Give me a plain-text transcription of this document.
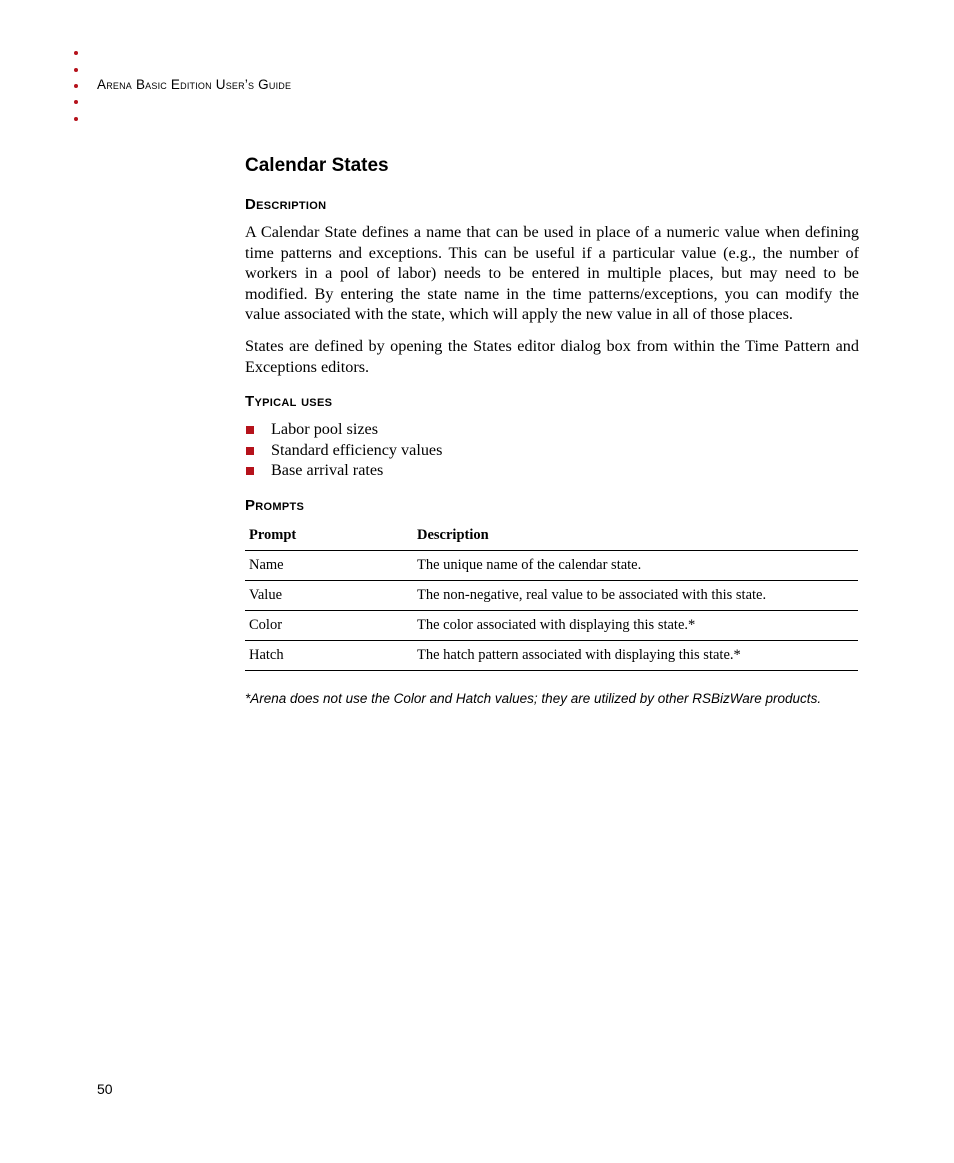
Arena Basic Edition User’s Guide
Calendar States
Description

A Calendar State defines a name that can be used in place of a numeric value when defining time patterns and exceptions. This can be useful if a particular value (e.g., the number of workers in a pool of labor) needs to be entered in multiple places, but may need to be modified. By entering the state name in the time patterns/exceptions, you can modify the value associated with the state, which will apply the new value in all of those places.

States are defined by opening the States editor dialog box from within the Time Pattern and Exceptions editors.

Typical uses
Labor pool sizes
Standard efficiency values
Base arrival rates
Prompts
Prompt	Description
Name	The unique name of the calendar state.
Value	The non-negative, real value to be associated with this state.
Color	The color associated with displaying this state.*
Hatch	The hatch pattern associated with displaying this state.*

*Arena does not use the Color and Hatch values; they are utilized by other RSBizWare products.

50
